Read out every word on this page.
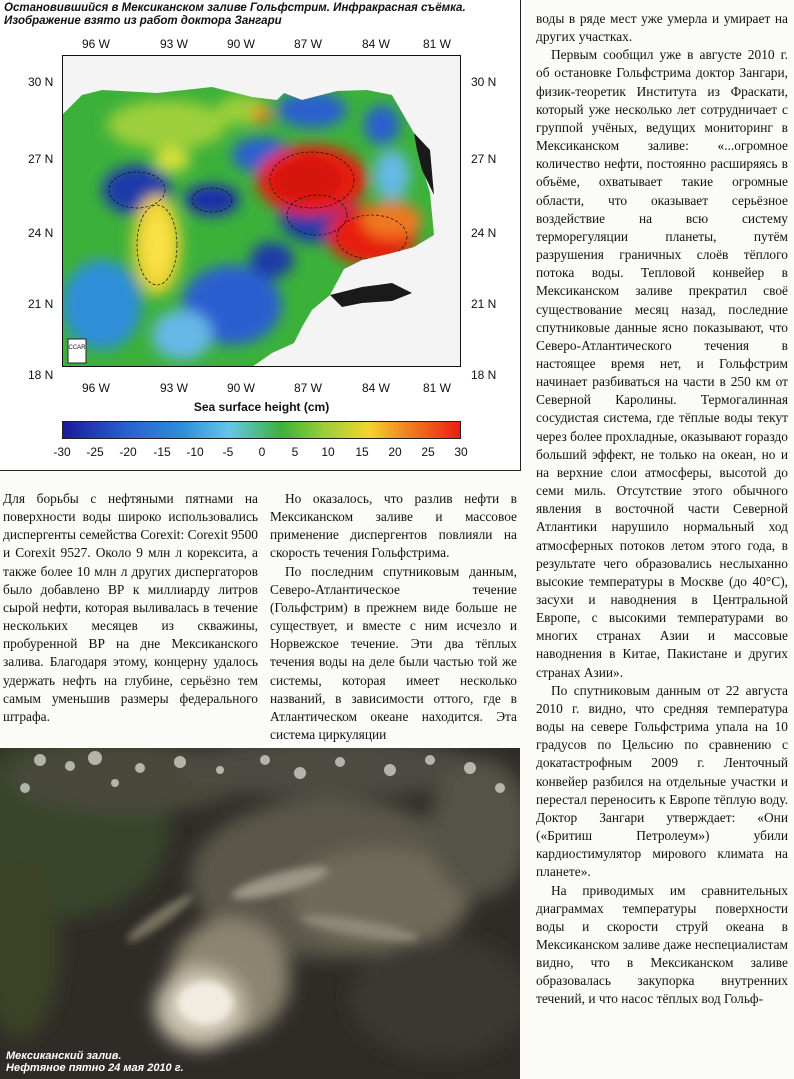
Остановившийся в Мексиканском заливе Гольфстрим. Инфракрасная съёмка. Изображение взято из работ доктора Зангари
96 W	93 W	90 W	87 W	84 W	81 W
30 N
27 N
24 N
21 N
18 N
30 N
27 N
24 N
21 N
18 N
CCAR
96 W	93 W	90 W	87 W	84 W	81 W
Sea surface height (cm)
-30 -25 -20 -15 -10 -5 0 5 10 15 20 25 30

Для борьбы с нефтяными пятнами на поверхности воды широко использовались диспергенты семейства Corexit: Corexit 9500 и Corexit 9527. Около 9 млн л корексита, а также более 10 млн л других диспергаторов было добавлено ВР к миллиарду литров сырой нефти, которая выливалась в течение нескольких месяцев из скважины, пробуренной ВР на дне Мексиканского залива. Благодаря этому, концерну удалось удержать нефть на глубине, серьёзно тем самым уменьшив размеры федерального штрафа.

Но оказалось, что разлив нефти в Мексиканском заливе и массовое применение диспергентов повлияли на скорость течения Гольфстрима.

По последним спутниковым данным, Северо-Атлантическое течение (Гольфстрим) в прежнем виде больше не существует, и вместе с ним исчезло и Норвежское течение. Эти два тёплых течения воды на деле были частью той же системы, которая имеет несколько названий, в зависимости оттого, где в Атлантическом океане находится. Эта система циркуляции

воды в ряде мест уже умерла и умирает на других участках.

Первым сообщил уже в августе 2010 г. об остановке Гольфстрима доктор Зангари, физик-теоретик Института из Фраскати, который уже несколько лет сотрудничает с группой учёных, ведущих мониторинг в Мексиканском заливе: «...огромное количество нефти, постоянно расширяясь в объёме, охватывает такие огромные области, что оказывает серьёзное воздействие на всю систему терморегуляции планеты, путём разрушения граничных слоёв тёплого потока воды. Тепловой конвейер в Мексиканском заливе прекратил своё существование месяц назад, последние спутниковые данные ясно показывают, что Северо-Атлантического течения в настоящее время нет, и Гольфстрим начинает разбиваться на части в 250 км от Северной Каролины. Термогалинная сосудистая система, где тёплые воды текут через более прохладные, оказывают гораздо больший эффект, не только на океан, но и на верхние слои атмосферы, высотой до семи миль. Отсутствие этого обычного явления в восточной части Северной Атлантики нарушило нормальный ход атмосферных потоков летом этого года, в результате чего образовались неслыханно высокие температуры в Москве (до 40°С), засухи и наводнения в Центральной Европе, с высокими температурами во многих странах Азии и массовые наводнения в Китае, Пакистане и других странах Азии».

По спутниковым данным от 22 августа 2010 г. видно, что средняя температура воды на севере Гольфстрима упала на 10 градусов по Цельсию по сравнению с докатастрофным 2009 г. Ленточный конвейер разбился на отдельные участки и перестал переносить к Европе тёплую воду. Доктор Зангари утверждает: «Они («Бритиш Петролеум») убили кардиостимулятор мирового климата на планете».

На приводимых им сравнительных диаграммах температуры поверхности воды и скорости струй океана в Мексиканском заливе даже неспециалистам видно, что в Мексиканском заливе образовалась закупорка внутренних течений, и что насос тёплых вод Гольф-

Мексиканский залив.
Нефтяное пятно 24 мая 2010 г.
